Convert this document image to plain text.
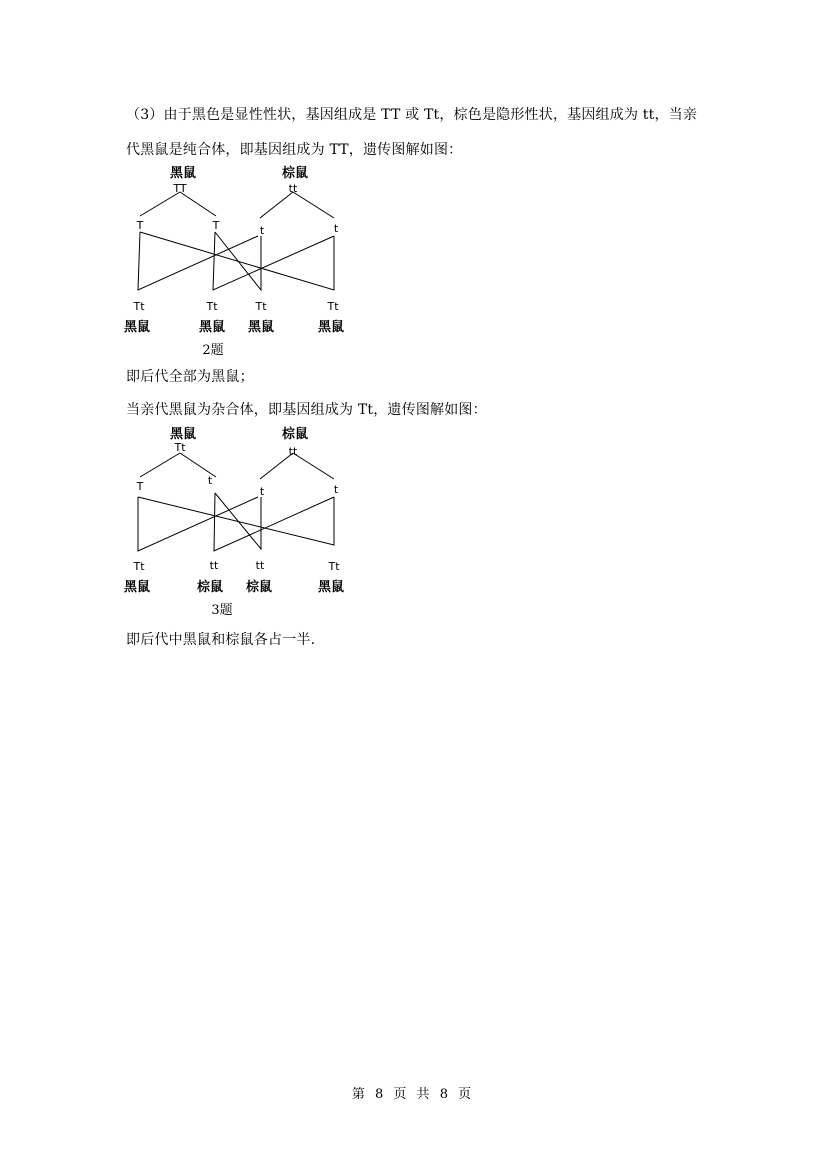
（3）由于黑色是显性性状，基因组成是 TT 或 Tt，棕色是隐形性状，基因组成为 tt，当亲

代黑鼠是纯合体，即基因组成为 TT，遗传图解如图：

黑鼠
TT
棕鼠
tt
T	T	t	t
Tt	Tt	Tt	Tt
黑鼠	黑鼠 黑鼠	黑鼠
2题

即后代全部为黑鼠；

当亲代黑鼠为杂合体，即基因组成为 Tt，遗传图解如图：

黑鼠
Tt
棕鼠
tt
T	t
t	t
Tt	tt	tt	Tt
黑鼠	棕鼠 棕鼠	黑鼠
3题

即后代中黑鼠和棕鼠各占一半.

第 8 页 共 8 页
